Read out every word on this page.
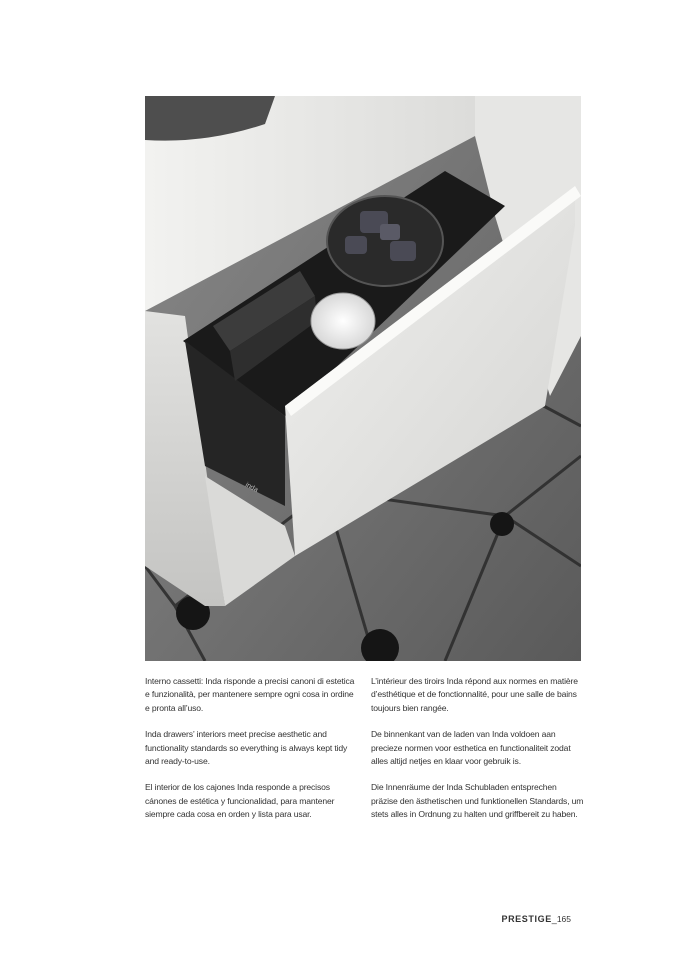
inda

Interno cassetti: Inda risponde a precisi canoni di estetica e funzionalità, per mantenere sempre ogni cosa in ordine e pronta all’uso.

Inda drawers’ interiors meet precise aesthetic and functionality standards so everything is always kept tidy and ready-to-use.

El interior de los cajones Inda responde a precisos cánones de estética y funcionalidad, para mantener siempre cada cosa en orden y lista para usar.

L’intérieur des tiroirs Inda répond aux normes en matière d’esthétique et de fonctionnalité, pour une salle de bains toujours bien rangée.

De binnenkant van de laden van Inda voldoen aan precieze normen voor esthetica en functionaliteit zodat alles altijd netjes en klaar voor gebruik is.

Die Innenräume der Inda Schubladen entsprechen präzise den ästhetischen und funktionellen Standards, um stets alles in Ordnung zu halten und griffbereit zu haben.

PRESTIGE_165
